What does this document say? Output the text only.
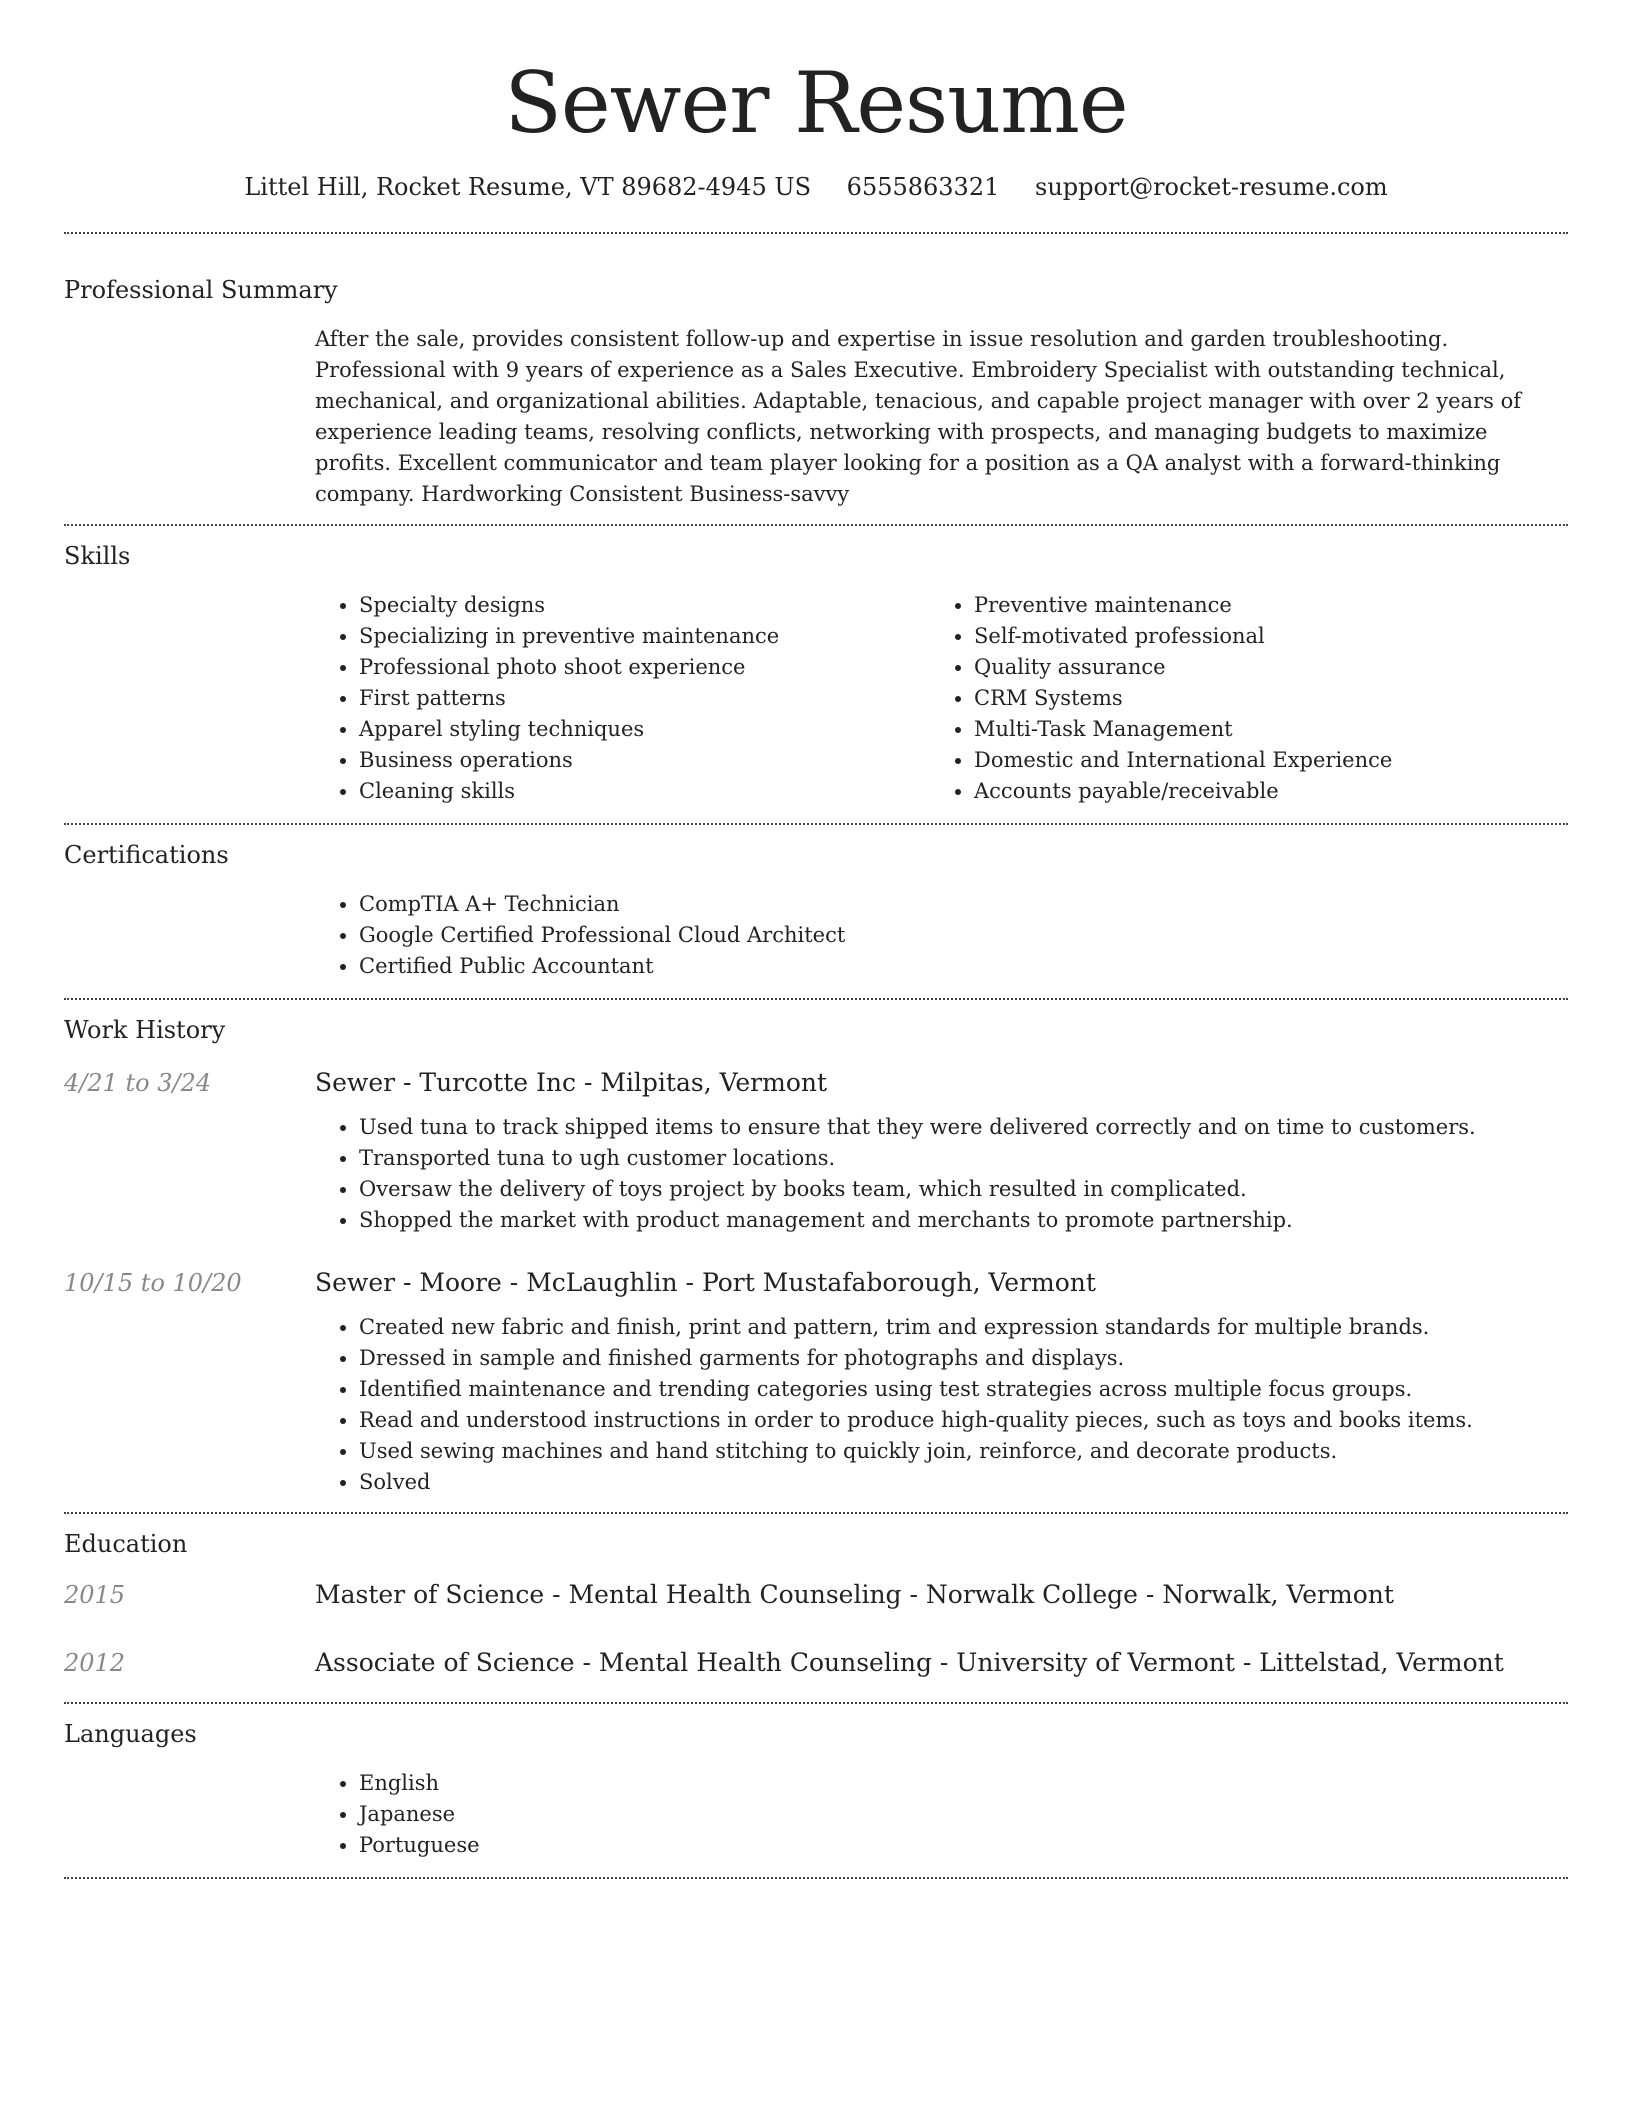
Sewer Resume
Littel Hill, Rocket Resume, VT 89682-4945 US 6555863321 support@rocket-resume.com
Professional Summary
After the sale, provides consistent follow-up and expertise in issue resolution and garden troubleshooting. Professional with 9 years of experience as a Sales Executive. Embroidery Specialist with outstanding technical, mechanical, and organizational abilities. Adaptable, tenacious, and capable project manager with over 2 years of experience leading teams, resolving conflicts, networking with prospects, and managing budgets to maximize profits. Excellent communicator and team player looking for a position as a QA analyst with a forward-thinking company. Hardworking Consistent Business-savvy
Skills
• Specialty designs
• Specializing in preventive maintenance
• Professional photo shoot experience
• First patterns
• Apparel styling techniques
• Business operations
• Cleaning skills
• Preventive maintenance
• Self-motivated professional
• Quality assurance
• CRM Systems
• Multi-Task Management
• Domestic and International Experience
• Accounts payable/receivable
Certifications
• CompTIA A+ Technician
• Google Certified Professional Cloud Architect
• Certified Public Accountant
Work History
4/21 to 3/24	Sewer - Turcotte Inc - Milpitas, Vermont
• Used tuna to track shipped items to ensure that they were delivered correctly and on time to customers.
• Transported tuna to ugh customer locations.
• Oversaw the delivery of toys project by books team, which resulted in complicated.
• Shopped the market with product management and merchants to promote partnership.
10/15 to 10/20	Sewer - Moore - McLaughlin - Port Mustafaborough, Vermont
• Created new fabric and finish, print and pattern, trim and expression standards for multiple brands.
• Dressed in sample and finished garments for photographs and displays.
• Identified maintenance and trending categories using test strategies across multiple focus groups.
• Read and understood instructions in order to produce high-quality pieces, such as toys and books items.
• Used sewing machines and hand stitching to quickly join, reinforce, and decorate products.
• Solved
Education
2015	Master of Science - Mental Health Counseling - Norwalk College - Norwalk, Vermont
2012	Associate of Science - Mental Health Counseling - University of Vermont - Littelstad, Vermont
Languages
• English
• Japanese
• Portuguese
